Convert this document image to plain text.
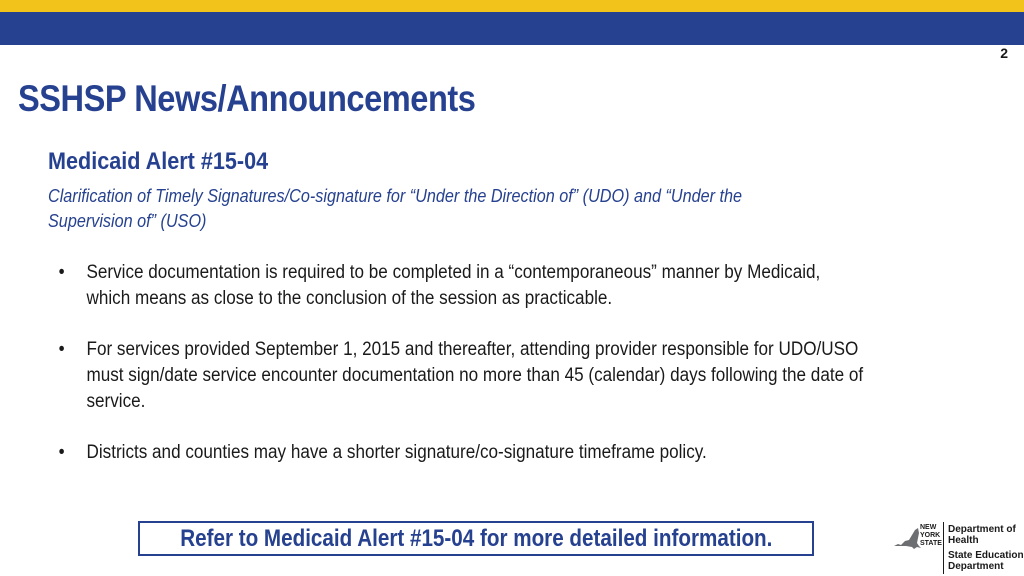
2
SSHSP News/Announcements
Medicaid Alert #15-04

Clarification of Timely Signatures/Co-signature for “Under the Direction of” (UDO) and “Under the Supervision of” (USO)

• Service documentation is required to be completed in a “contemporaneous” manner by Medicaid, which means as close to the conclusion of the session as practicable.
• For services provided September 1, 2015 and thereafter, attending provider responsible for UDO/USO must sign/date service encounter documentation no more than 45 (calendar) days following the date of service.
• Districts and counties may have a shorter signature/co-signature timeframe policy.
Refer to Medicaid Alert #15-04 for more detailed information.	NEW YORK STATE
Department of Health
State Education Department
